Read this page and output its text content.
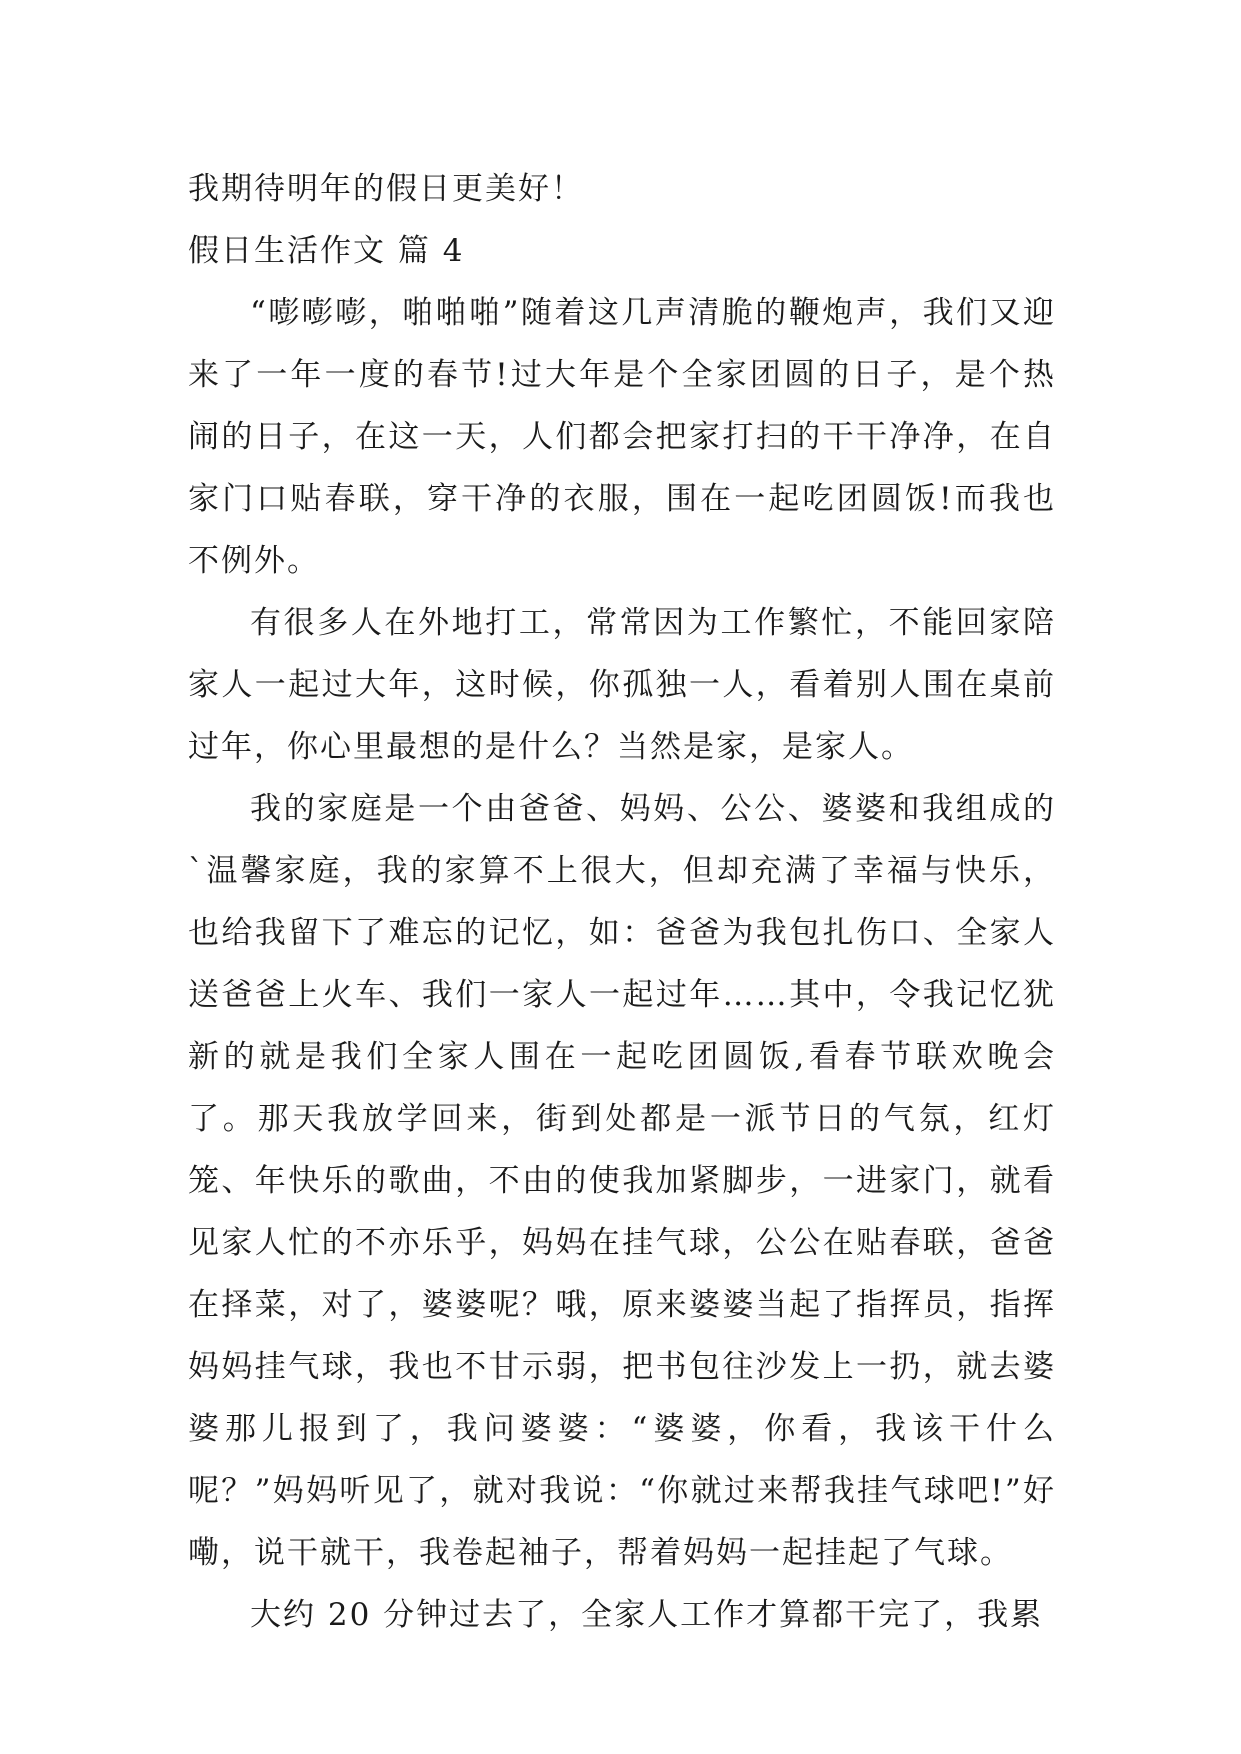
我期待明年的假日更美好！

假日生活作文 篇 4

“嘭嘭嘭，啪啪啪”随着这几声清脆的鞭炮声，我们又迎来了一年一度的春节!过大年是个全家团圆的日子，是个热闹的日子，在这一天，人们都会把家打扫的干干净净，在自家门口贴春联，穿干净的衣服，围在一起吃团圆饭!而我也不例外。

有很多人在外地打工，常常因为工作繁忙，不能回家陪家人一起过大年，这时候，你孤独一人，看着别人围在桌前过年，你心里最想的是什么？当然是家，是家人。

我的家庭是一个由爸爸、妈妈、公公、婆婆和我组成的`温馨家庭，我的家算不上很大，但却充满了幸福与快乐，也给我留下了难忘的记忆，如：爸爸为我包扎伤口、全家人送爸爸上火车、我们一家人一起过年……其中，令我记忆犹新的就是我们全家人围在一起吃团圆饭,看春节联欢晚会了。那天我放学回来，街到处都是一派节日的气氛，红灯笼、年快乐的歌曲，不由的使我加紧脚步，一进家门，就看见家人忙的不亦乐乎，妈妈在挂气球，公公在贴春联，爸爸在择菜，对了，婆婆呢？哦，原来婆婆当起了指挥员，指挥妈妈挂气球，我也不甘示弱，把书包往沙发上一扔，就去婆婆那儿报到了，我问婆婆：“婆婆，你看，我该干什么呢？”妈妈听见了，就对我说：“你就过来帮我挂气球吧!”好嘞，说干就干，我卷起袖子，帮着妈妈一起挂起了气球。

大约 20 分钟过去了，全家人工作才算都干完了，我累
